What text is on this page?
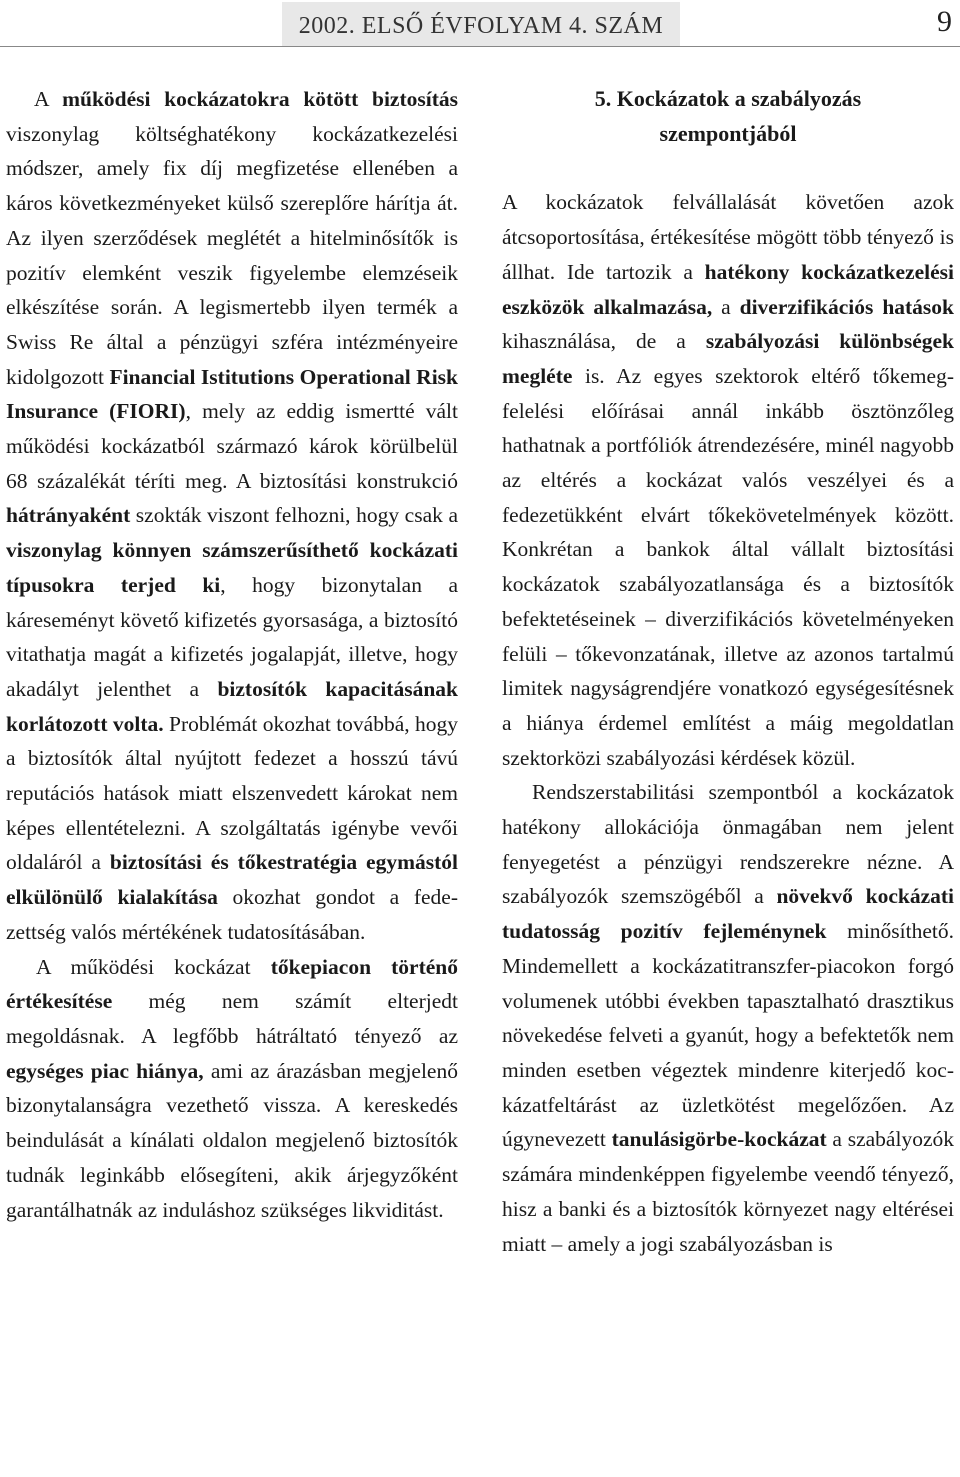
2002. ELSŐ ÉVFOLYAM 4. SZÁM	9

A működési kockázatokra kötött biztosítás viszonylag költséghatékony kockázatkezelési módszer, amely fix díj megfizetése ellenében a káros következményeket külső szereplőre hárítja át. Az ilyen szerződések meglétét a hitelminősítők is pozitív elemként veszik figyelembe elemzéseik elkészítése során. A legismertebb ilyen termék a Swiss Re által a pénzügyi szféra intézményeire kidolgozott Financial Istitutions Operational Risk Insurance (FIORI), mely az eddig ismertté vált működési kockázatból származó károk körülbelül 68 százalékát téríti meg. A biztosítási konstrukció hátrányaként szokták viszont felhozni, hogy csak a viszonylag könnyen számszerűsíthető kockázati típusokra terjed ki, hogy bizonytalan a káreseményt követő kifizetés gyorsasága, a biztosító vitathatja magát a kifizetés jogalapját, illetve, hogy akadályt jelenthet a biztosítók kapacitásának korlátozott volta. Problémát okozhat továbbá, hogy a biztosítók által nyújtott fedezet a hosszú távú reputációs hatások miatt elszenvedett károkat nem képes ellentételezni. A szolgáltatás igénybe vevői oldaláról a biztosítási és tőkestratégia egymástól elkülönülő kialakítása okozhat gondot a fedezettség valós mértékének tudatosításában.

A működési kockázat tőkepiacon történő értékesítése még nem számít elterjedt megoldásnak. A legfőbb hátráltató tényező az egységes piac hiánya, ami az árazásban megjelenő bizonytalanságra vezethető vissza. A kereskedés beindulását a kínálati oldalon megjelenő biztosítók tudnák leginkább elősegíteni, akik árjegyzőként garantálhatnák az induláshoz szükséges likviditást.

5. Kockázatok a szabályozás
szempontjából

A kockázatok felvállalását követően azok átcsoportosítása, értékesítése mögött több tényező is állhat. Ide tartozik a hatékony kockázatkezelési eszközök alkalmazása, a diverzifikációs hatások kihasználása, de a szabályozási különbségek megléte is. Az egyes szektorok eltérő tőkemegfelelési előírásai annál inkább ösztönzőleg hathatnak a portfóliók átrendezésére, minél nagyobb az eltérés a kockázat valós veszélyei és a fedezetükként elvárt tőkekövetelmények között. Konkrétan a bankok által vállalt biztosítási kockázatok szabályozatlansága és a biztosítók befektetéseinek – diverzifikációs követelményeken felüli – tőkevonzatának, illetve az azonos tartalmú limitek nagyságrendjére vonatkozó egységesítésnek a hiánya érdemel említést a máig megoldatlan szektorközi szabályozási kérdések közül.

Rendszerstabilitási szempontból a kockázatok hatékony allokációja önmagában nem jelent fenyegetést a pénzügyi rendszerekre nézne. A szabályozók szemszögéből a növekvő kockázati tudatosság pozitív fejleménynek minősíthető. Mindemellett a kockázatitranszfer-piacokon forgó volumenek utóbbi években tapasztalható drasztikus növekedése felveti a gyanút, hogy a befektetők nem minden esetben végeztek mindenre kiterjedő kockázatfeltárást az üzletkötést megelőzően. Az úgynevezett tanulásigörbe-kockázat a szabályozók számára mindenképpen figyelembe veendő tényező, hisz a banki és a biztosítók környezet nagy eltérései miatt – amely a jogi szabályozásban is
